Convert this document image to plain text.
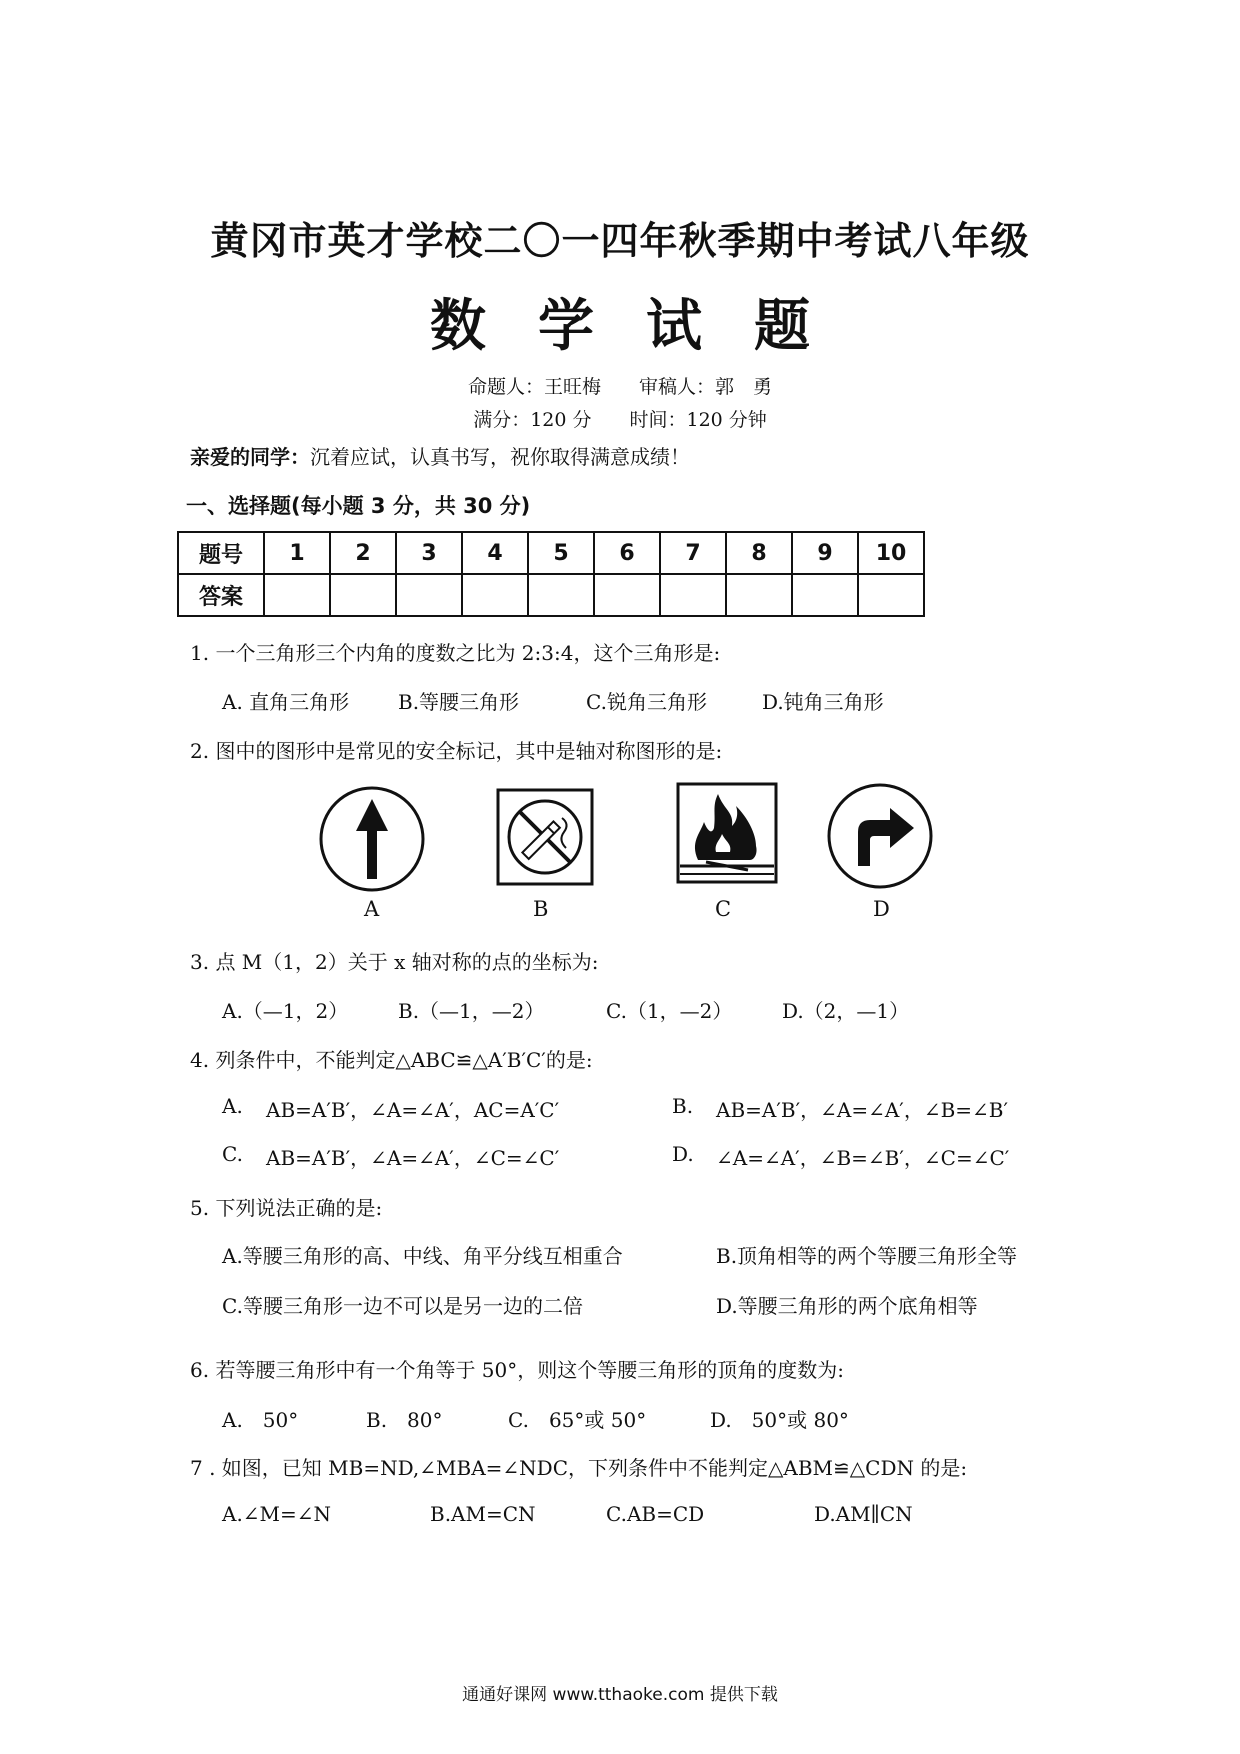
黄冈市英才学校二〇一四年秋季期中考试八年级
数学试题
命题人：王旺梅　　审稿人：郭　勇
满分：120 分　　时间：120 分钟
亲爱的同学：沉着应试，认真书写，祝你取得满意成绩！
一、选择题(每小题 3 分，共 30 分)
题号	1	2	3	4	5	6	7	8	9	10
答案										
1. 一个三角形三个内角的度数之比为 2:3:4，这个三角形是:
A. 直角三角形 B.等腰三角形	C.锐角三角形	D.钝角三角形
2. 图中的图形中是常见的安全标记，其中是轴对称图形的是:
A	B	C	D
3. 点 M（1，2）关于 x 轴对称的点的坐标为:
A.（—1，2） B.（—1，—2）	C.（1，—2） D.（2，—1）
4. 列条件中，不能判定△ABC≌△A′B′C′的是:
A. AB=A′B′，∠A=∠A′，AC=A′C′	B. AB=A′B′，∠A=∠A′，∠B=∠B′
C. AB=A′B′，∠A=∠A′，∠C=∠C′	D. ∠A=∠A′，∠B=∠B′，∠C=∠C′
5. 下列说法正确的是:
A.等腰三角形的高、中线、角平分线互相重合	B.顶角相等的两个等腰三角形全等
C.等腰三角形一边不可以是另一边的二倍	D.等腰三角形的两个底角相等
6. 若等腰三角形中有一个角等于 50°，则这个等腰三角形的顶角的度数为:
A.　50°	B.　80°	C.　65°或 50°	D.　50°或 80°
7 . 如图，已知 MB=ND,∠MBA=∠NDC，下列条件中不能判定△ABM≌△CDN 的是:
A.∠M=∠N	B.AM=CN	C.AB=CD	D.AM∥CN
通通好课网 www.tthaoke.com 提供下载
